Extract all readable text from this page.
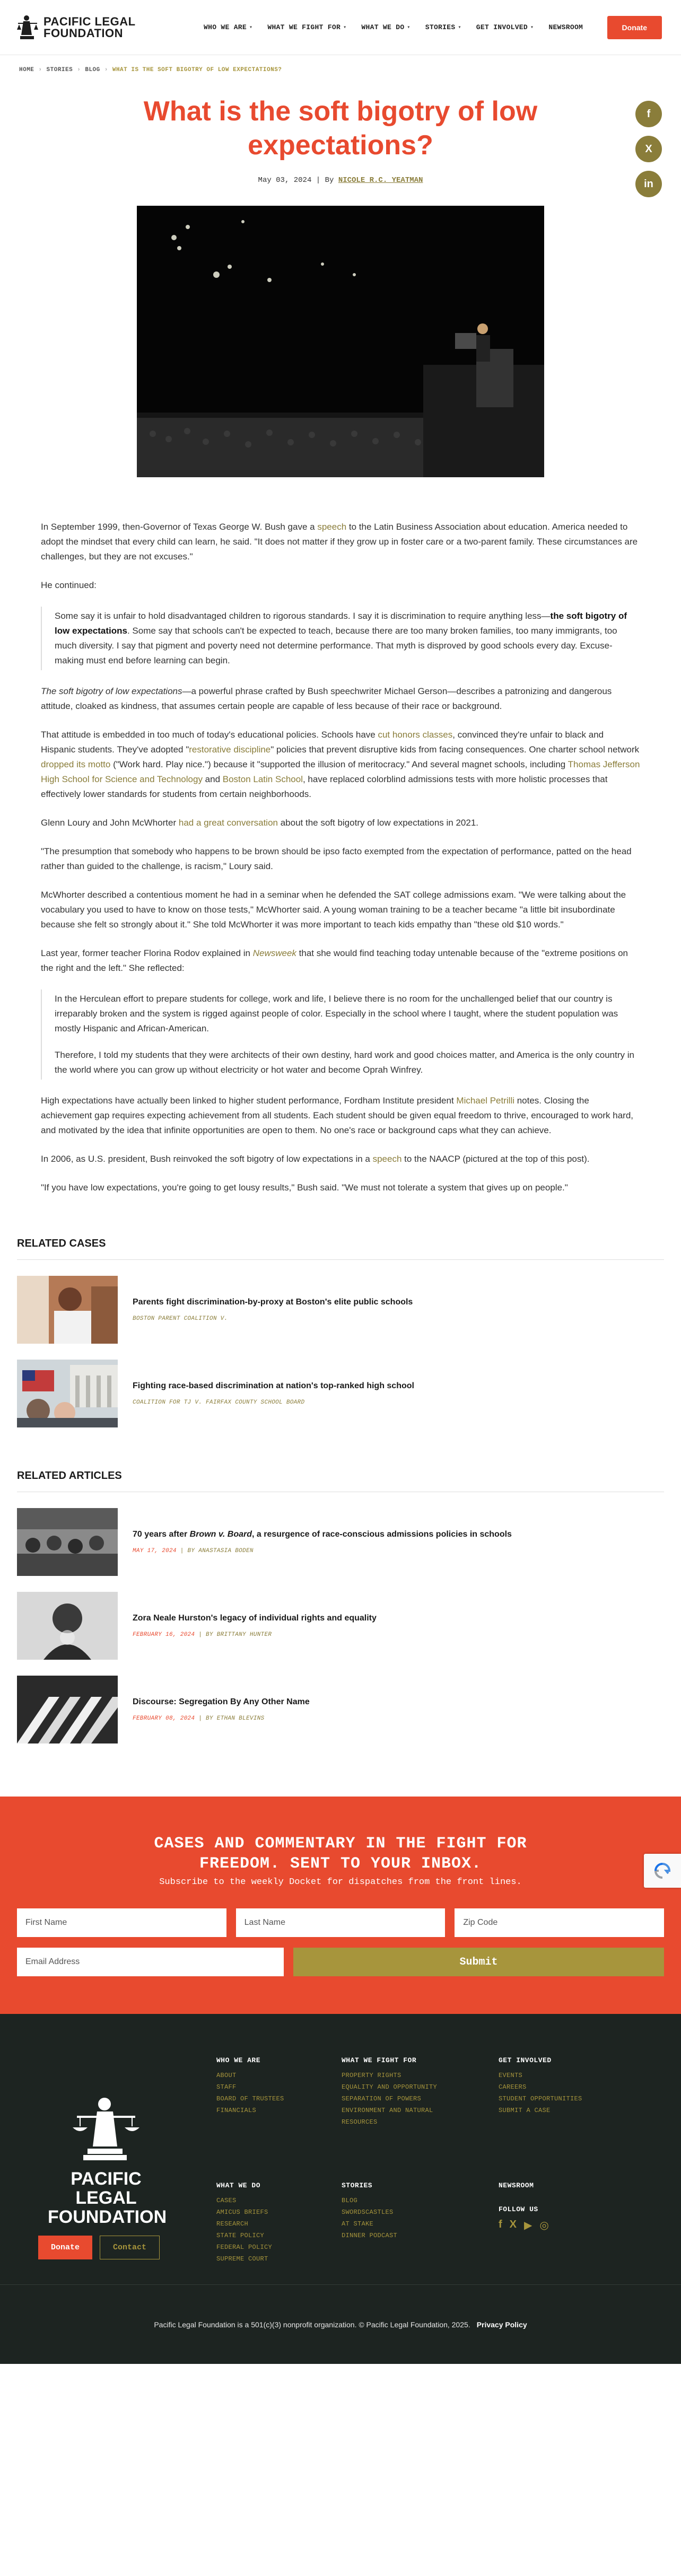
PACIFIC LEGAL
FOUNDATION	WHO WE ARE ▾ WHAT WE FIGHT FOR ▾ WHAT WE DO ▾ STORIES ▾ GET INVOLVED ▾ NEWSROOM	Donate
HOME › STORIES › BLOG › WHAT IS THE SOFT BIGOTRY OF LOW EXPECTATIONS?
f
X
in
What is the soft bigotry of low expectations?
May 03, 2024 | By NICOLE R.C. YEATMAN

In September 1999, then-Governor of Texas George W. Bush gave a speech to the Latin Business Association about education. America needed to adopt the mindset that every child can learn, he said. "It does not matter if they grow up in foster care or a two-parent family. These circumstances are challenges, but they are not excuses."

He continued:

Some say it is unfair to hold disadvantaged children to rigorous standards. I say it is discrimination to require anything less—the soft bigotry of low expectations. Some say that schools can't be expected to teach, because there are too many broken families, too many immigrants, too much diversity. I say that pigment and poverty need not determine performance. That myth is disproved by good schools every day. Excuse-making must end before learning can begin.

The soft bigotry of low expectations—a powerful phrase crafted by Bush speechwriter Michael Gerson—describes a patronizing and dangerous attitude, cloaked as kindness, that assumes certain people are capable of less because of their race or background.

That attitude is embedded in too much of today's educational policies. Schools have cut honors classes, convinced they're unfair to black and Hispanic students. They've adopted "restorative discipline" policies that prevent disruptive kids from facing consequences. One charter school network dropped its motto ("Work hard. Play nice.") because it "supported the illusion of meritocracy." And several magnet schools, including Thomas Jefferson High School for Science and Technology and Boston Latin School, have replaced colorblind admissions tests with more holistic processes that effectively lower standards for students from certain neighborhoods.

Glenn Loury and John McWhorter had a great conversation about the soft bigotry of low expectations in 2021.

"The presumption that somebody who happens to be brown should be ipso facto exempted from the expectation of performance, patted on the head rather than guided to the challenge, is racism," Loury said.

McWhorter described a contentious moment he had in a seminar when he defended the SAT college admissions exam. "We were talking about the vocabulary you used to have to know on those tests," McWhorter said. A young woman training to be a teacher became "a little bit insubordinate because she felt so strongly about it." She told McWhorter it was more important to teach kids empathy than "these old $10 words."

Last year, former teacher Florina Rodov explained in Newsweek that she would find teaching today untenable because of the "extreme positions on the right and the left." She reflected:

In the Herculean effort to prepare students for college, work and life, I believe there is no room for the unchallenged belief that our country is irreparably broken and the system is rigged against people of color. Especially in the school where I taught, where the student population was mostly Hispanic and African-American.

Therefore, I told my students that they were architects of their own destiny, hard work and good choices matter, and America is the only country in the world where you can grow up without electricity or hot water and become Oprah Winfrey.

High expectations have actually been linked to higher student performance, Fordham Institute president Michael Petrilli notes. Closing the achievement gap requires expecting achievement from all students. Each student should be given equal freedom to thrive, encouraged to work hard, and motivated by the idea that infinite opportunities are open to them. No one's race or background caps what they can achieve.

In 2006, as U.S. president, Bush reinvoked the soft bigotry of low expectations in a speech to the NAACP (pictured at the top of this post).

"If you have low expectations, you're going to get lousy results," Bush said. "We must not tolerate a system that gives up on people."

RELATED CASES
Parents fight discrimination-by-proxy at Boston's elite public schools
BOSTON PARENT COALITION V.
Fighting race-based discrimination at nation's top-ranked high school
COALITION FOR TJ V. FAIRFAX COUNTY SCHOOL BOARD
RELATED ARTICLES
70 years after Brown v. Board, a resurgence of race-conscious admissions policies in schools
MAY 17, 2024 | BY ANASTASIA BODEN
Zora Neale Hurston's legacy of individual rights and equality
FEBRUARY 16, 2024 | BY BRITTANY HUNTER
Discourse: Segregation By Any Other Name
FEBRUARY 08, 2024 | BY ETHAN BLEVINS
CASES AND COMMENTARY IN THE FIGHT FOR
FREEDOM. SENT TO YOUR INBOX.
Subscribe to the weekly Docket for dispatches from the front lines.
First Name	Last Name	Zip Code
Email Address	Submit
PACIFIC LEGAL
FOUNDATION
Donate	Contact
WHO WE ARE
ABOUT
STAFF
BOARD OF TRUSTEES
FINANCIALS
WHAT WE FIGHT FOR
PROPERTY RIGHTS
EQUALITY AND OPPORTUNITY
SEPARATION OF POWERS
ENVIRONMENT AND NATURAL
RESOURCES
GET INVOLVED
EVENTS
CAREERS
STUDENT OPPORTUNITIES
SUBMIT A CASE
WHAT WE DO
CASES
AMICUS BRIEFS
RESEARCH
STATE POLICY
FEDERAL POLICY
SUPREME COURT
STORIES
BLOG
SWORDSCASTLES
AT STAKE
DINNER PODCAST
NEWSROOM
FOLLOW US
f X ▶ ◎
Pacific Legal Foundation is a 501(c)(3) nonprofit organization. © Pacific Legal Foundation, 2025. Privacy Policy
